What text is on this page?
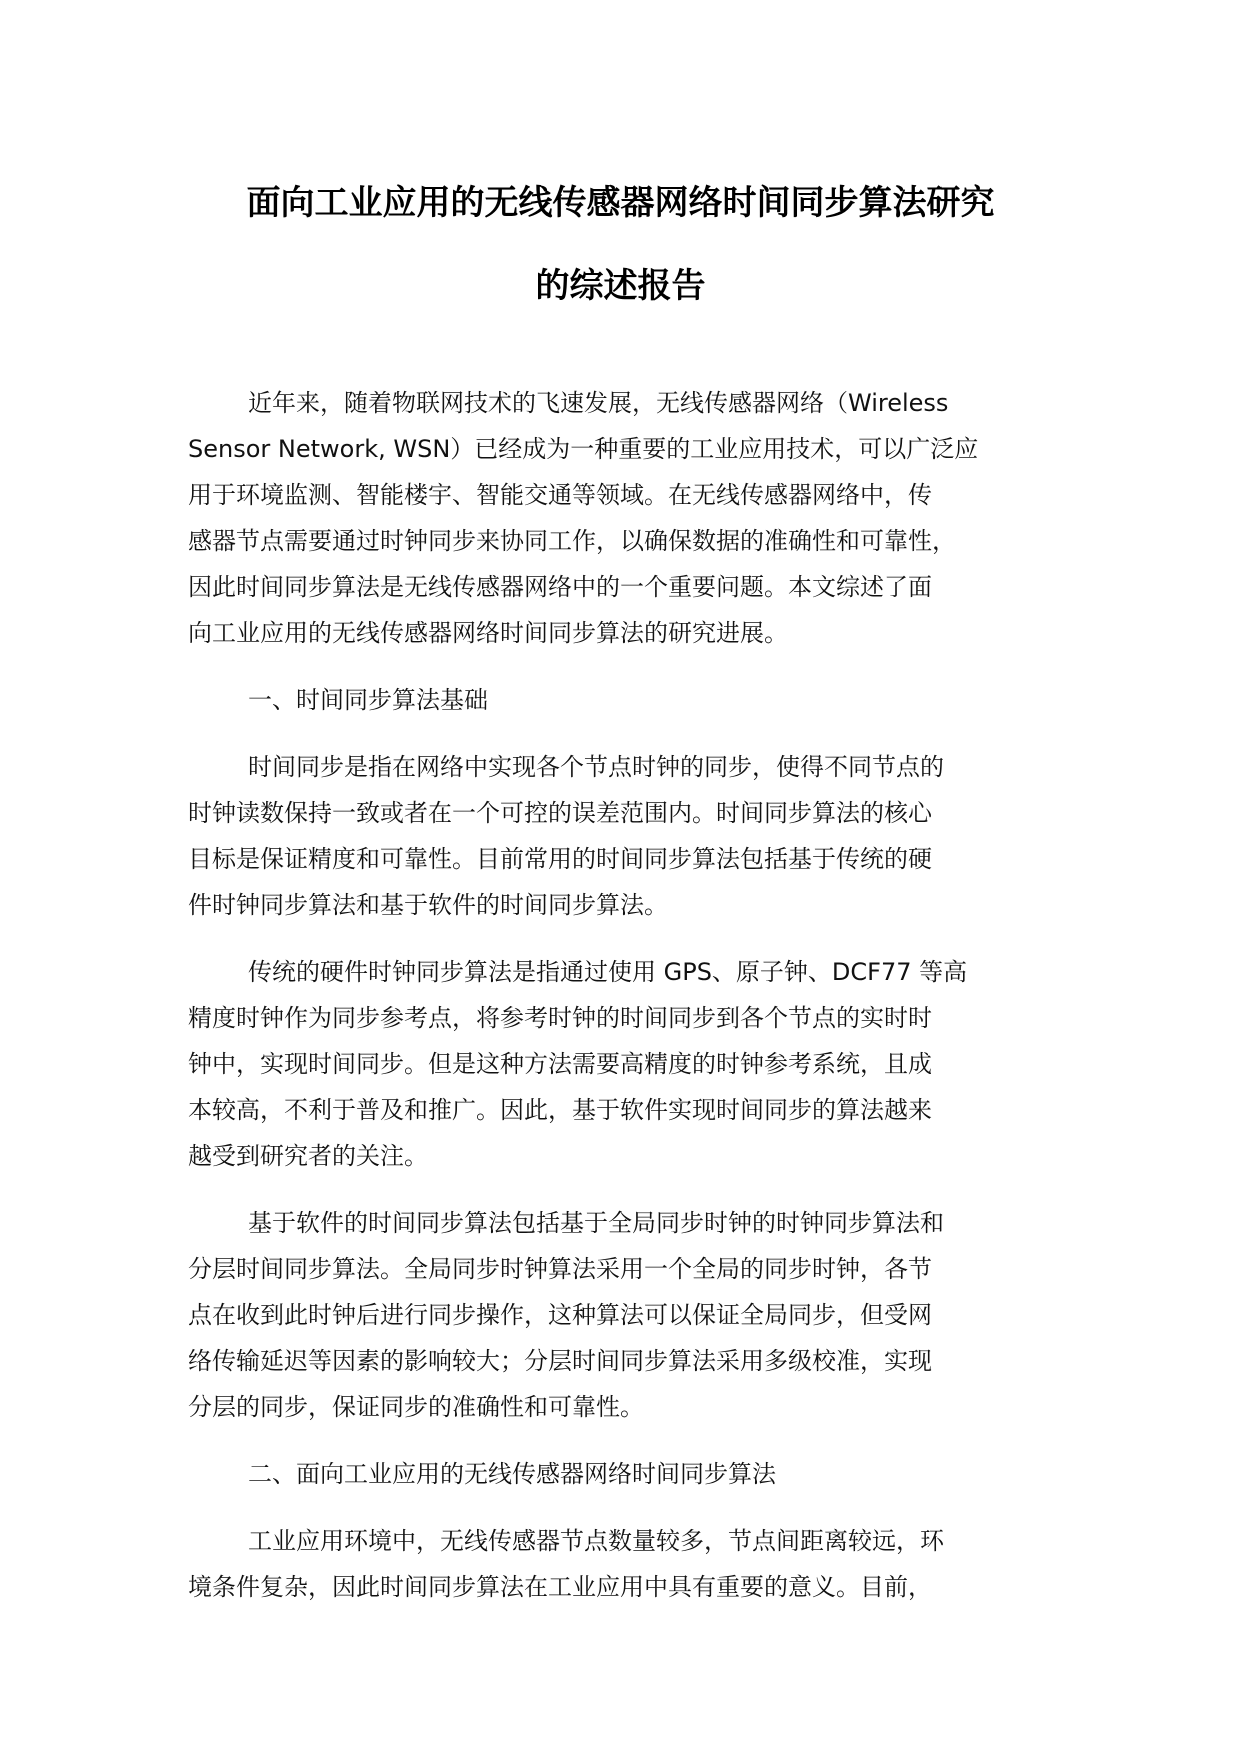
面向工业应用的无线传感器网络时间同步算法研究
的综述报告

近年来，随着物联网技术的飞速发展，无线传感器网络（Wireless
Sensor Network, WSN）已经成为一种重要的工业应用技术，可以广泛应
用于环境监测、智能楼宇、智能交通等领域。在无线传感器网络中，传
感器节点需要通过时钟同步来协同工作，以确保数据的准确性和可靠性，
因此时间同步算法是无线传感器网络中的一个重要问题。本文综述了面
向工业应用的无线传感器网络时间同步算法的研究进展。

一、时间同步算法基础

时间同步是指在网络中实现各个节点时钟的同步，使得不同节点的
时钟读数保持一致或者在一个可控的误差范围内。时间同步算法的核心
目标是保证精度和可靠性。目前常用的时间同步算法包括基于传统的硬
件时钟同步算法和基于软件的时间同步算法。

传统的硬件时钟同步算法是指通过使用 GPS、原子钟、DCF77 等高
精度时钟作为同步参考点，将参考时钟的时间同步到各个节点的实时时
钟中，实现时间同步。但是这种方法需要高精度的时钟参考系统，且成
本较高，不利于普及和推广。因此，基于软件实现时间同步的算法越来
越受到研究者的关注。

基于软件的时间同步算法包括基于全局同步时钟的时钟同步算法和
分层时间同步算法。全局同步时钟算法采用一个全局的同步时钟，各节
点在收到此时钟后进行同步操作，这种算法可以保证全局同步，但受网
络传输延迟等因素的影响较大；分层时间同步算法采用多级校准，实现
分层的同步，保证同步的准确性和可靠性。

二、面向工业应用的无线传感器网络时间同步算法

工业应用环境中，无线传感器节点数量较多，节点间距离较远，环
境条件复杂，因此时间同步算法在工业应用中具有重要的意义。目前，
